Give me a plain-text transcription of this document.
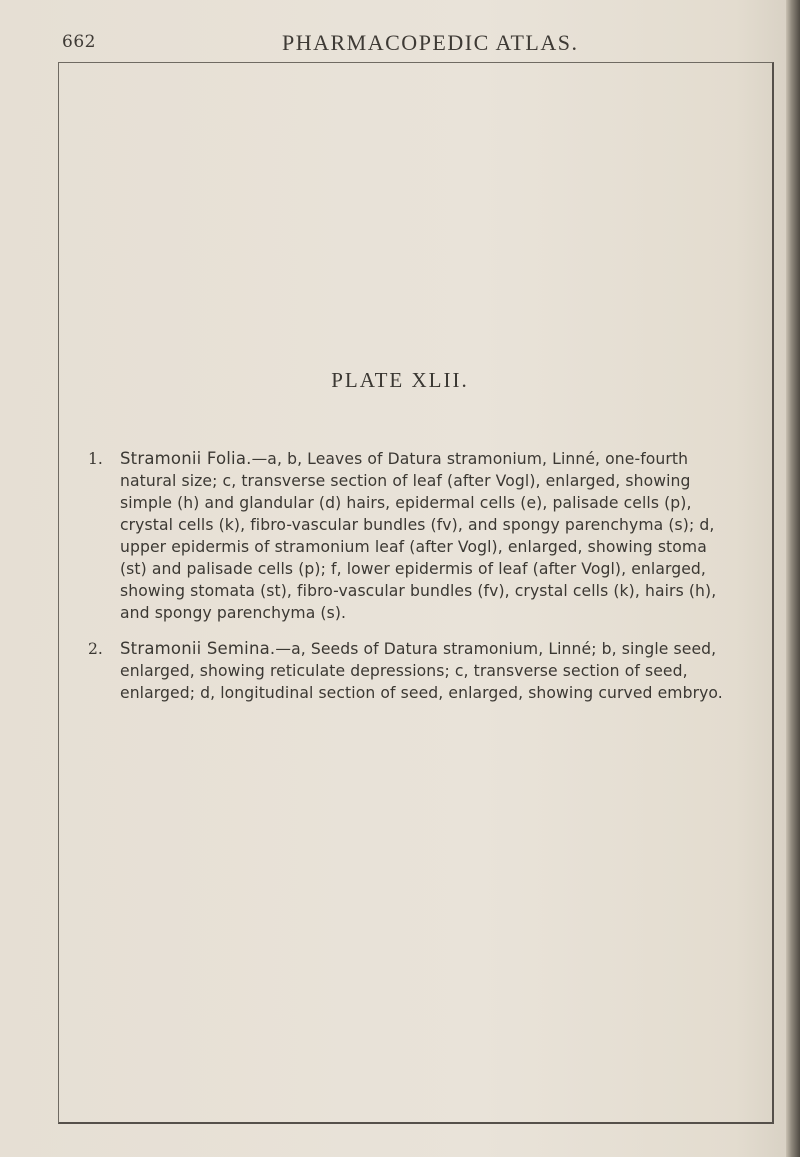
662	PHARMACOPEDIC ATLAS.
PLATE XLII.
1. Stramonii Folia.—a, b, Leaves of Datura stramonium, Linné, one-fourth natural size; c, transverse section of leaf (after Vogl), enlarged, showing simple (h) and glandular (d) hairs, epidermal cells (e), palisade cells (p), crystal cells (k), fibro-vascular bundles (fv), and spongy parenchyma (s); d, upper epidermis of stramonium leaf (after Vogl), enlarged, showing stoma (st) and palisade cells (p); f, lower epidermis of leaf (after Vogl), enlarged, showing stomata (st), fibro-vascular bundles (fv), crystal cells (k), hairs (h), and spongy parenchyma (s).
2. Stramonii Semina.—a, Seeds of Datura stramonium, Linné; b, single seed, enlarged, showing reticulate depressions; c, transverse section of seed, enlarged; d, longitudinal section of seed, enlarged, showing curved embryo.
